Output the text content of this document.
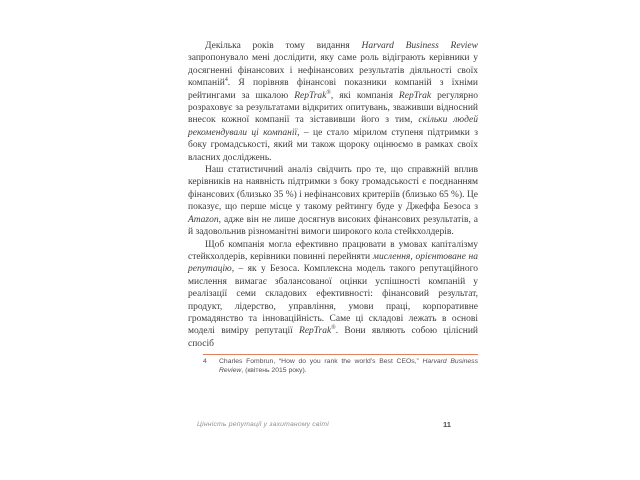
Декілька років тому видання Harvard Business Review запропонувало мені дослідити, яку саме роль відіграють керівники у досягненні фінансових і нефінансових результатів діяльності своїх компаній$^4$. Я порівняв фінансові показники компаній з їхніми рейтингами за шкалою RepTrak®, які компанія RepTrak регулярно розраховує за результатами відкритих опитувань, зваживши відносний внесок кожної компанії та зіставивши його з тим, скільки людей рекомендували ці компанії, – це стало мірилом ступеня підтримки з боку громадськості, який ми також щороку оцінюємо в рамках своїх власних досліджень.

Наш статистичний аналіз свідчить про те, що справжній вплив керівників на наявність підтримки з боку громадськості є поєднанням фінансових (близько 35 %) і нефінансових критеріїв (близько 65 %). Це показує, що перше місце у такому рейтингу буде у Джеффа Безоса з Amazon, адже він не лише досягнув високих фінансових результатів, а й задовольнив різноманітні вимоги широкого кола стейкхолдерів.

Щоб компанія могла ефективно працювати в умовах капіталізму стейкхолдерів, керівники повинні перейняти мислення, орієнтоване на репутацію, – як у Безоса. Комплексна модель такого репутаційного мислення вимагає збалансованої оцінки успішності компаній у реалізації семи складових ефективності: фінансовий результат, продукт, лідерство, управління, умови праці, корпоративне громадянство та інноваційність. Саме ці складові лежать в основі моделі виміру репутації RepTrak®. Вони являють собою цілісний спосіб

4	Charles Fombrun, “How do you rank the world’s Best CEOs,” Harvard Business Review, (квітень 2015 року).
Цінність репутації у захитаному світі	11
